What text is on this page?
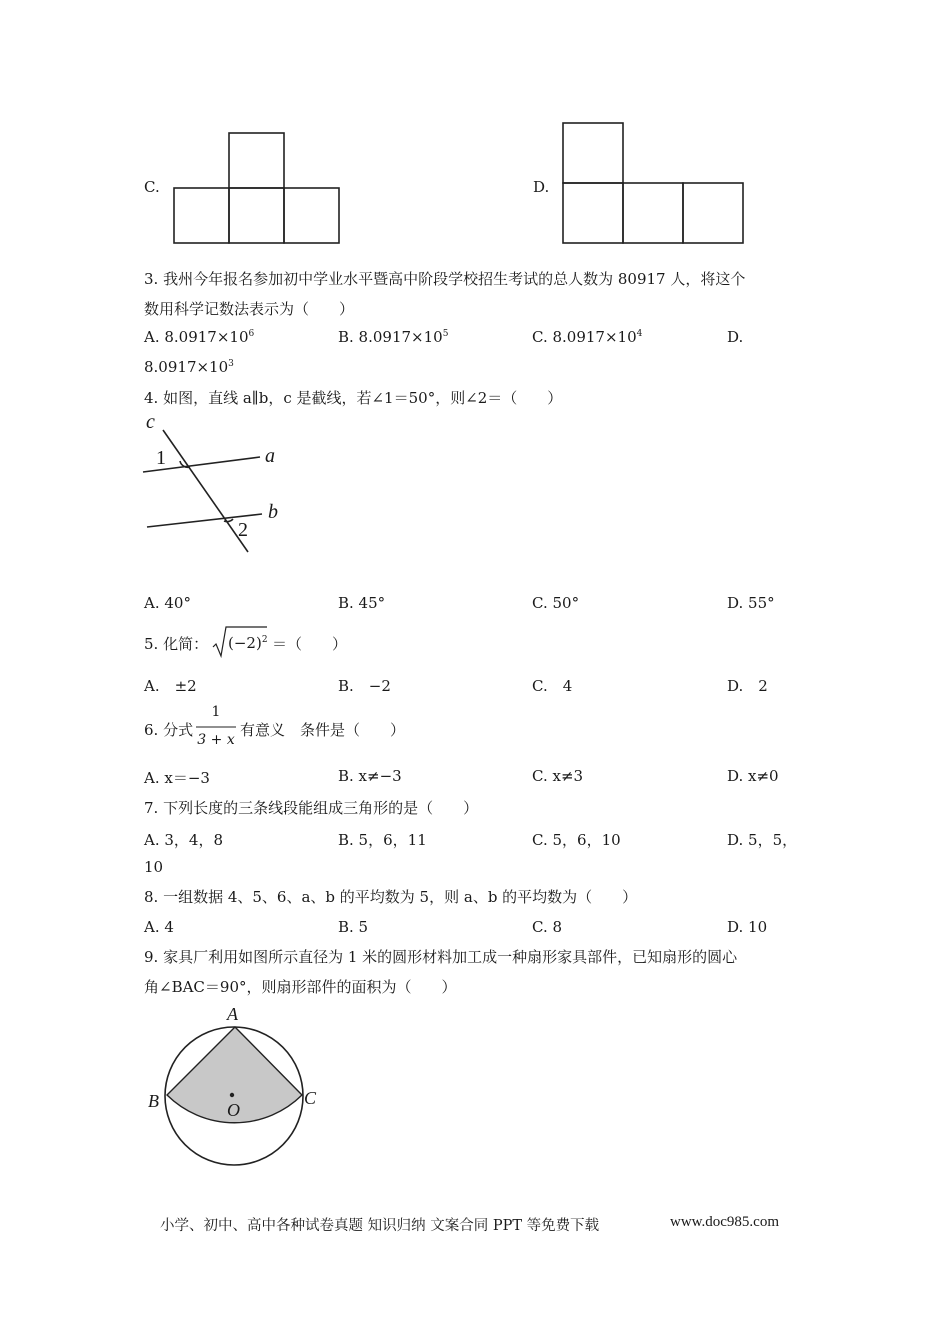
C.	D.
3. 我州今年报名参加初中学业水平暨高中阶段学校招生考试的总人数为 80917 人，将这个
数用科学记数法表示为（　　）
A. $8.0917\times 10^6$	B. $8.0917\times 10^5$	C. $8.0917\times 10^4$	D.
$8.0917\times 10^3$
4. 如图，直线 a∥b，c 是截线，若∠1＝50°，则∠2＝（　　）
c
1	a
b
2
A. 40°	B. 45°	C. 50°	D. 55°
5. 化简： $(-2)^2$ ＝（　　）
A.　±2	B.　−2	C.　4	D.　2
6. 分式
1
3 + x
有意义　条件是（　　）
A. x＝−3	B. x≠−3	C. x≠3	D. x≠0
7. 下列长度的三条线段能组成三角形的是（　　）
A. 3，4，8	B. 5，6，11	C. 5，6，10	D. 5，5，
10
8. 一组数据 4、5、6、a、b 的平均数为 5，则 a、b 的平均数为（　　）
A. 4	B. 5	C. 8	D. 10
9. 家具厂利用如图所示直径为 1 米的圆形材料加工成一种扇形家具部件，已知扇形的圆心
角∠BAC＝90°，则扇形部件的面积为（　　）
A
B	C
O
小学、初中、高中各种试卷真题 知识归纳 文案合同 PPT 等免费下载	www.doc985.com
